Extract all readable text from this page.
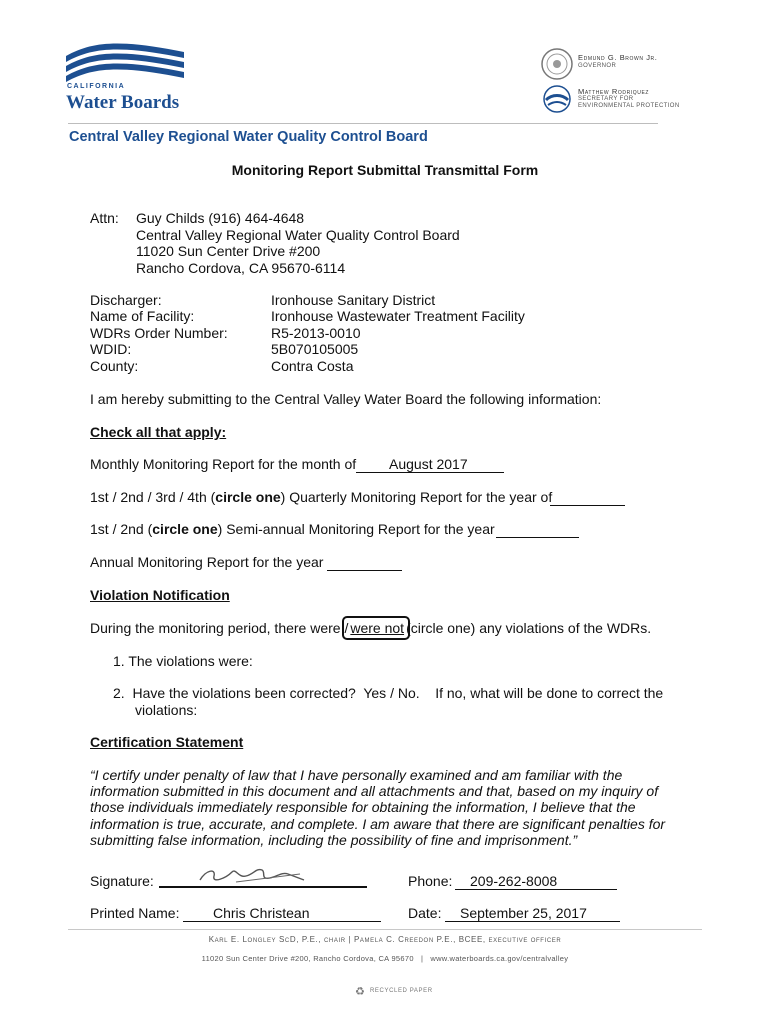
CALIFORNIA
Water Boards
Edmund G. Brown Jr.
GOVERNOR
Matthew Rodriquez
SECRETARY FOR
ENVIRONMENTAL PROTECTION
Central Valley Regional Water Quality Control Board
Monitoring Report Submittal Transmittal Form
Attn: Guy Childs (916) 464-4648
Central Valley Regional Water Quality Control Board
11020 Sun Center Drive #200
Rancho Cordova, CA 95670-6114
Discharger:
Name of Facility:
WDRs Order Number:
WDID:
County:
Ironhouse Sanitary District
Ironhouse Wastewater Treatment Facility
R5-2013-0010
5B070105005
Contra Costa
I am hereby submitting to the Central Valley Water Board the following information:
Check all that apply:
Monthly Monitoring Report for the month of August 2017
1st / 2nd / 3rd / 4th (circle one) Quarterly Monitoring Report for the year of
1st / 2nd (circle one) Semi-annual Monitoring Report for the year
Annual Monitoring Report for the year
Violation Notification
During the monitoring period, there were / were not (circle one) any violations of the WDRs.
1. The violations were:
2.  Have the violations been corrected?  Yes / No.    If no, what will be done to correct the
violations:
Certification Statement
“I certify under penalty of law that I have personally examined and am familiar with the
information submitted in this document and all attachments and that, based on my inquiry of
those individuals immediately responsible for obtaining the information, I believe that the
information is true, accurate, and complete. I am aware that there are significant penalties for
submitting false information, including the possibility of fine and imprisonment.”
Signature:	Phone: 209-262-8008
Printed Name: Chris Christean	Date: September 25, 2017
Karl E. Longley ScD, P.E., chair | Pamela C. Creedon P.E., BCEE, executive officer
11020 Sun Center Drive #200, Rancho Cordova, CA 95670   |   www.waterboards.ca.gov/centralvalley
♻ RECYCLED PAPER
